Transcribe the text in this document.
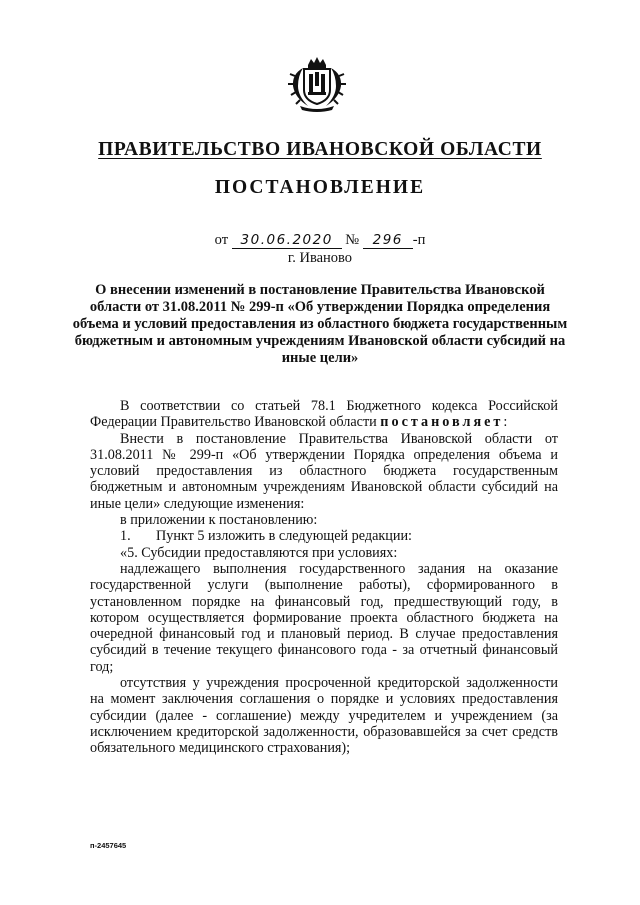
ПРАВИТЕЛЬСТВО ИВАНОВСКОЙ ОБЛАСТИ
ПОСТАНОВЛЕНИЕ
от 30.06.2020 № 296 -п
г. Иваново
О внесении изменений в постановление Правительства Ивановской области от 31.08.2011 № 299-п «Об утверждении Порядка определения объема и условий предоставления из областного бюджета государственным бюджетным и автономным учреждениям Ивановской области субсидий на иные цели»

В соответствии со статьей 78.1 Бюджетного кодекса Российской Федерации Правительство Ивановской области постановляет:

Внести в постановление Правительства Ивановской области от 31.08.2011 № 299-п «Об утверждении Порядка определения объема и условий предоставления из областного бюджета государственным бюджетным и автономным учреждениям Ивановской области субсидий на иные цели» следующие изменения:

в приложении к постановлению:

1. Пункт 5 изложить в следующей редакции:

«5. Субсидии предоставляются при условиях:

надлежащего выполнения государственного задания на оказание государственной услуги (выполнение работы), сформированного в установленном порядке на финансовый год, предшествующий году, в котором осуществляется формирование проекта областного бюджета на очередной финансовый год и плановый период. В случае предоставления субсидий в течение текущего финансового года - за отчетный финансовый год;

отсутствия у учреждения просроченной кредиторской задолженности на момент заключения соглашения о порядке и условиях предоставления субсидии (далее - соглашение) между учредителем и учреждением (за исключением кредиторской задолженности, образовавшейся за счет средств обязательного медицинского страхования);

п-2457645
